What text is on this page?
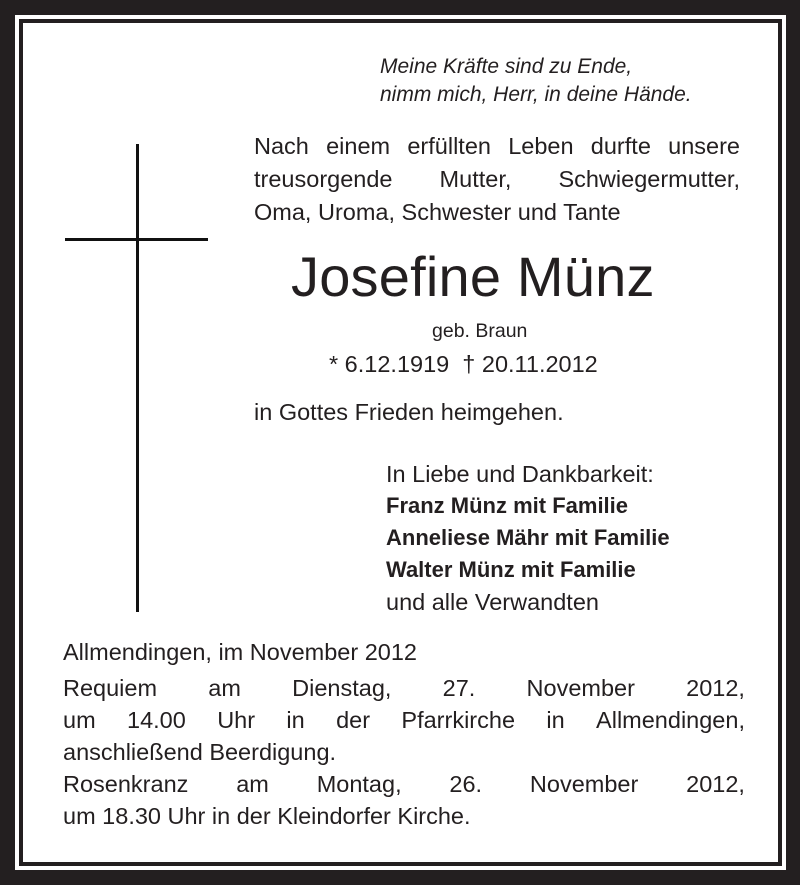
Meine Kräfte sind zu Ende,
nimm mich, Herr, in deine Hände.
Nach einem erfüllten Leben durfte unsere
treusorgende Mutter, Schwiegermutter,
Oma, Uroma, Schwester und Tante
Josefine Münz
geb. Braun
* 6.12.1919  † 20.11.2012
in Gottes Frieden heimgehen.
In Liebe und Dankbarkeit:
Franz Münz mit Familie
Anneliese Mähr mit Familie
Walter Münz mit Familie
und alle Verwandten
Allmendingen, im November 2012
Requiem am Dienstag, 27. November 2012,
um 14.00 Uhr in der Pfarrkirche in Allmendingen,
anschließend Beerdigung.
Rosenkranz am Montag, 26. November 2012,
um 18.30 Uhr in der Kleindorfer Kirche.
